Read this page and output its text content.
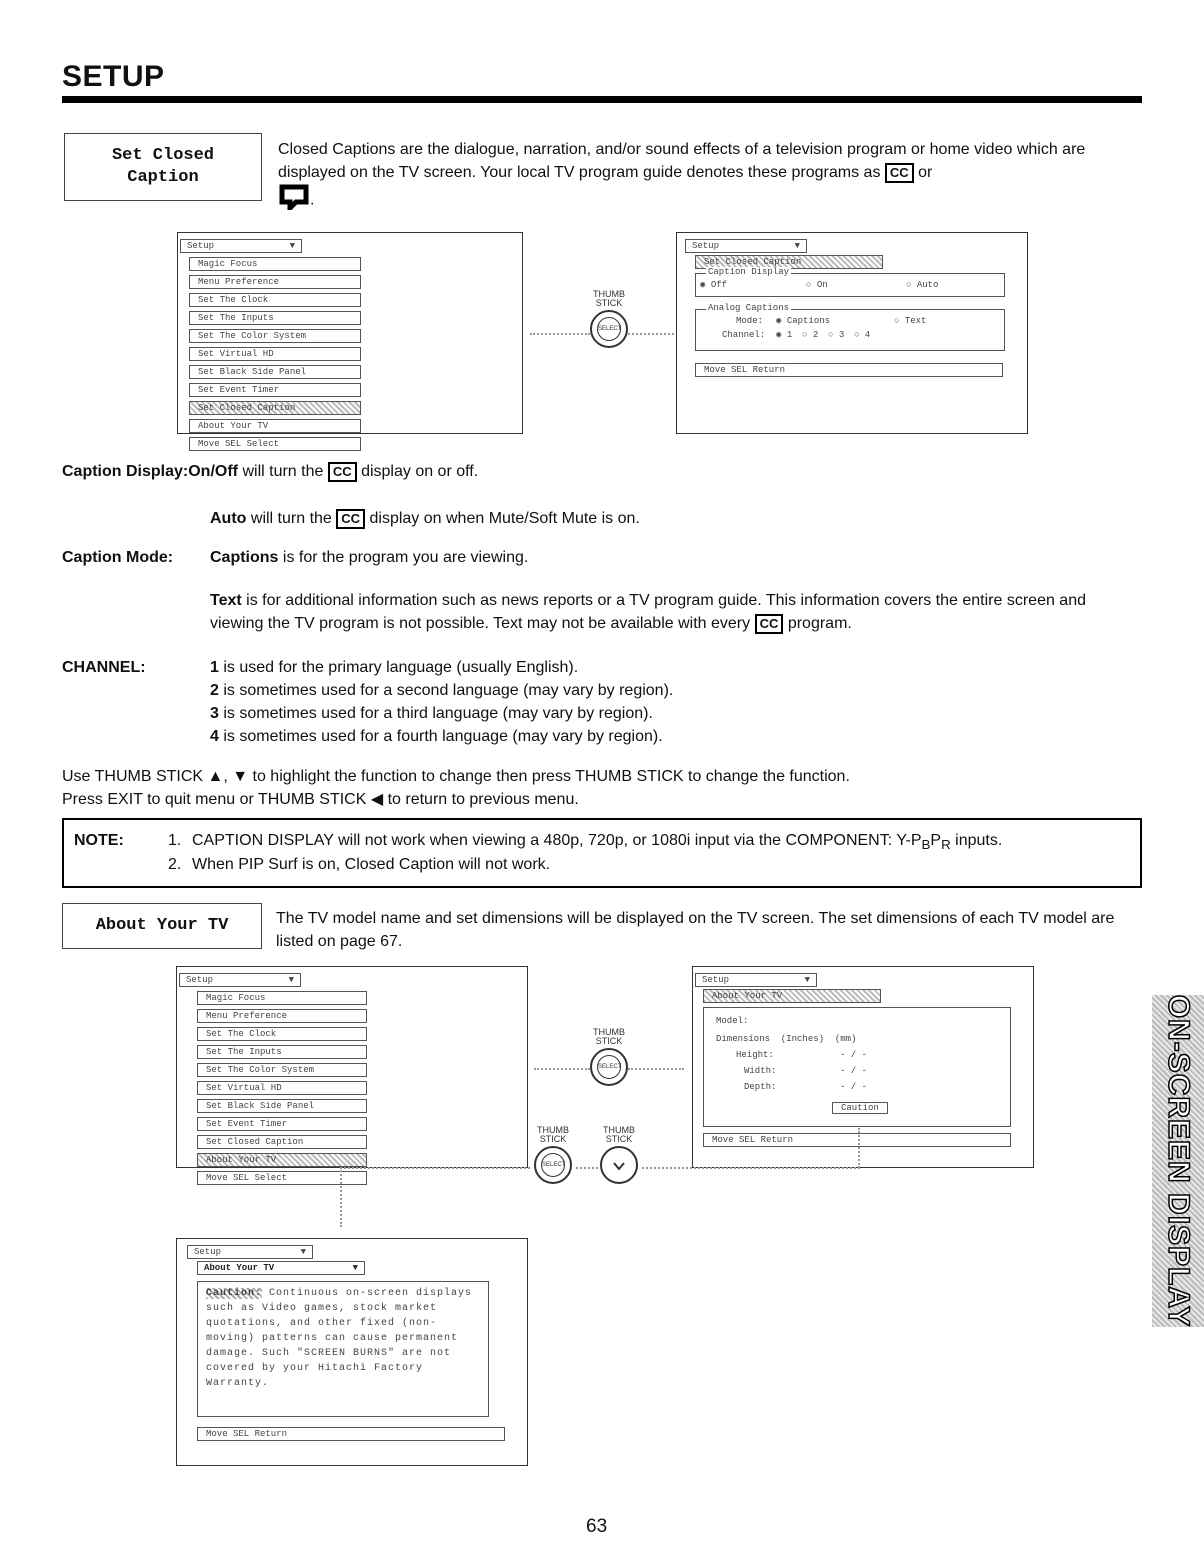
SETUP
Set Closed Caption
Closed Captions are the dialogue, narration, and/or sound effects of a television program or home video which are displayed on the TV screen. Your local TV program guide denotes these programs as CC or
.
Setup	▼
Magic Focus
Menu Preference
Set The Clock
Set The Inputs
Set The Color System
Set Virtual HD
Set Black Side Panel
Set Event Timer
Set Closed Caption
About Your TV
Move SEL Select
THUMB
STICK
SELECT
Setup	▼
Set Closed Caption
Caption Display
◉ Off	○ On	○ Auto
Analog Captions
Mode: ◉ Captions	○ Text
Channel: ◉ 1 ○ 2 ○ 3 ○ 4
Move SEL Return
Caption Display:On/Off will turn the CC display on or off.
Auto will turn the CC display on when Mute/Soft Mute is on.
Caption Mode: Captions is for the program you are viewing.
Text is for additional information such as news reports or a TV program guide. This information covers the entire screen and viewing the TV program is not possible. Text may not be available with every CC program.
CHANNEL:	1 is used for the primary language (usually English).
2 is sometimes used for a second language (may vary by region).
3 is sometimes used for a third language (may vary by region).
4 is sometimes used for a fourth language (may vary by region).
Use THUMB STICK ▲, ▼ to highlight the function to change then press THUMB STICK to change the function.
Press EXIT to quit menu or THUMB STICK ◀ to return to previous menu.
NOTE:	1. CAPTION DISPLAY will not work when viewing a 480p, 720p, or 1080i input via the COMPONENT: $Y-P_BP_R$ inputs.
2. When PIP Surf is on, Closed Caption will not work.
About Your TV	The TV model name and set dimensions will be displayed on the TV screen. The set dimensions of each TV model are listed on page 67.
Setup	▼
Magic Focus
Menu Preference
Set The Clock
Set The Inputs
Set The Color System
Set Virtual HD
Set Black Side Panel
Set Event Timer
Set Closed Caption
About Your TV
Move SEL Select
THUMB
STICK
SELECT
Setup	▼
About Your TV
Model:
Dimensions  (Inches)  (mm)
Height:	- / -
Width:	- / -
Depth:	- / -
Caution
Move SEL Return
THUMB
STICK
SELECT
THUMB
STICK
Setup	▼
About Your TV	▼
Caution: Continuous on-screen displays such as Video games, stock market quotations, and other fixed (non-moving) patterns can cause permanent damage. Such "SCREEN BURNS" are not covered by your Hitachi Factory Warranty.
Move SEL Return
ON-SCREEN DISPLAY
63
